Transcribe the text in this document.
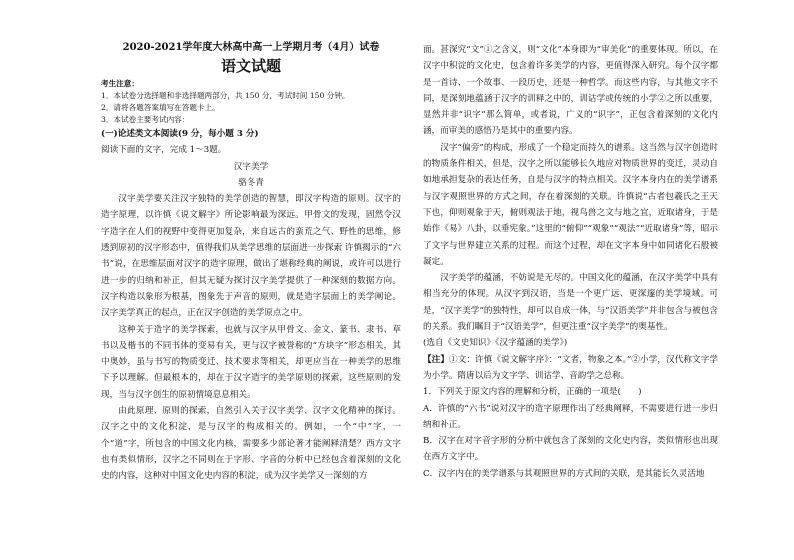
2020-2021学年度大林高中高一上学期月考（4月）试卷

语文试题

考生注意：

1．本试卷分选择题和非选择题两部分，共 150 分，考试时间 150 分钟。

2．请将各题答案填写在答题卡上。

3．本试卷主要考试内容：

(一)论述类文本阅读(9 分，每小题 3 分)

阅读下面的文字，完成 1～3题。

汉字美学

骆冬青

汉字美学要关注汉字独特的美学创造的智慧，即汉字构造的原则。汉字的造字原理，以许慎《说文解字》所论影响最为深远。甲骨文的发现，固然令汉字造字在人们的视野中变得更加复杂，来自远古的蛮荒之气、野性的思维，修透到原初的汉字形态中，值得我们从美学思维的层面进一步探索 许慎揭示的“六书”说，在思维层面对汉字的造字原理，做出了堪称经典的阐说，或许可以进行进一步的归纳和补正，但其无疑为探讨汉字美学提供了一种深刻的数据方向。汉字构造以象形为根基，图象先于声音的原则，就是造字层面上的美学阐论。汉字美学真正的起点，正在汉字创造的美学原点之中。

这种关于造字的美学探索，也就与汉字从甲骨文、金文、篆书、隶书、草书以及楷书的不同书体的变易有关，更与汉字被誉称的“方块字”形态相关，其中奥妙，虽与书写的物质变迁、技术要求等相关，却更应当在一种美学的思维下予以理解。但最根本的，却在于汉字造字的美学原则的探索，这些原则的发现，当与汉字创生的原初情境息息相关。

由此原理、原则的探索，自然引入关于汉字美学、汉字文化精神的探讨。汉字之中的文化积淀，是与汉字的构成相关的。例如，一个“中”字，一个“道”字，所包含的中国文化内核，需要多少部论著才能阐释清楚？西方文字也有类似情形，汉字之不同则在于字形、字音的分析中已经包含着深刻的文化史的内容，这种对中国文化史内容的积淀，成为汉字美学又一深刻的方

面。甚深究“文”①之含义，则“文化”本身即为“审美化”的重要体现。所以，在汉字中积淀的文化史，包含着许多美学的内容，更值得深入研究。每个汉字都是一首诗、一个故事、一段历史，还是一种哲学。而这些内容，与其他文字不同，是深刻地蕴涵于汉字的训释之中的，训诂学或传统的小学②之所以重要，显然并非“识字”那么简单，或者说，广义的“识字”，正包含着深刻的文化内涵，而审美的感悟乃是其中的重要内容。

汉字“偏旁”的构成，形成了一个稳定而持久的谱系。这当然与汉字创造时的物质条件相关，但是，汉字之所以能够长久地应对物质世界的变迁，灵动自如地承担复杂的表达任务，自是与汉字的特点相关。汉字本身内在的美学谱系与汉字观照世界的方式之间，存在着深刻的关联。许慎说“古者包羲氏之王天下也，仰则观象于天，俯则观法于地，视鸟兽之文与地之宜，近取诸身，于是始作《易》八卦，以垂宪象。”这里的“俯仰”“观象”“观法”“近取诸身”等，昭示了文字与世界建立关系的过程。而这个过程，却在文字本身中如同诸化石般被凝定。

汉字美学的蕴涵，不妨说是无尽的。中国文化的蕴涵，在汉字美学中具有相当充分的体现。从汉字到汉语，当是一个更广远、更深邃的美学境域。可是，“汉字美学”的独特性，却可以自成一体，与“汉语美学”并非包含与被包含的关系。我们瞩目于“汉语美学”，但更注重“汉字美学”的奥基性。

(选自《文史知识》《汉字蕴涵的美学》)

【注】①文：许慎《说文解字序》：“文者，物象之本。”②小学，汉代称文字学为小学。隋唐以后为文字学、训诂学、音韵学之总称。

1．下列关于原文内容的理解和分析，正确的一项是(　　)

A．许慎的“六书”说对汉字的造字原理作出了经典阐释，不需要进行进一步归纳和补正。

B．汉字在对字音字形的分析中就包含了深刻的文化史内容，类似情形也出现在西方文字中。

C．汉字内在的美学谱系与其观照世界的方式间的关联，是其能长久灵活地
